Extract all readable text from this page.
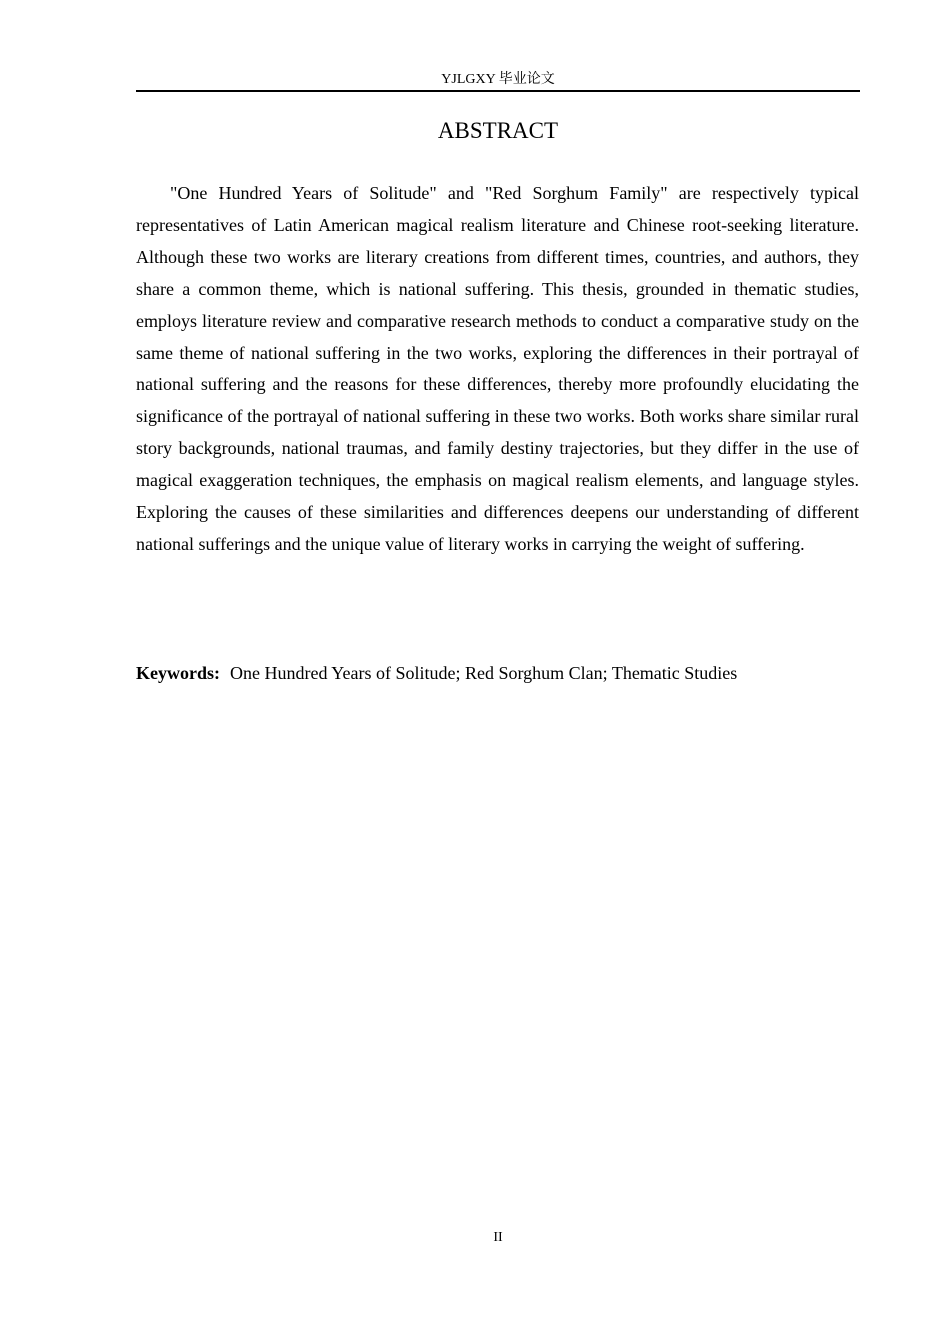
YJLGXY 毕业论文
ABSTRACT

"One Hundred Years of Solitude" and "Red Sorghum Family" are respectively typical representatives of Latin American magical realism literature and Chinese root-seeking literature. Although these two works are literary creations from different times, countries, and authors, they share a common theme, which is national suffering. This thesis, grounded in thematic studies, employs literature review and comparative research methods to conduct a comparative study on the same theme of national suffering in the two works, exploring the differences in their portrayal of national suffering and the reasons for these differences, thereby more profoundly elucidating the significance of the portrayal of national suffering in these two works. Both works share similar rural story backgrounds, national traumas, and family destiny trajectories, but they differ in the use of magical exaggeration techniques, the emphasis on magical realism elements, and language styles. Exploring the causes of these similarities and differences deepens our understanding of different national sufferings and the unique value of literary works in carrying the weight of suffering.

Keywords: One Hundred Years of Solitude; Red Sorghum Clan; Thematic Studies
II
